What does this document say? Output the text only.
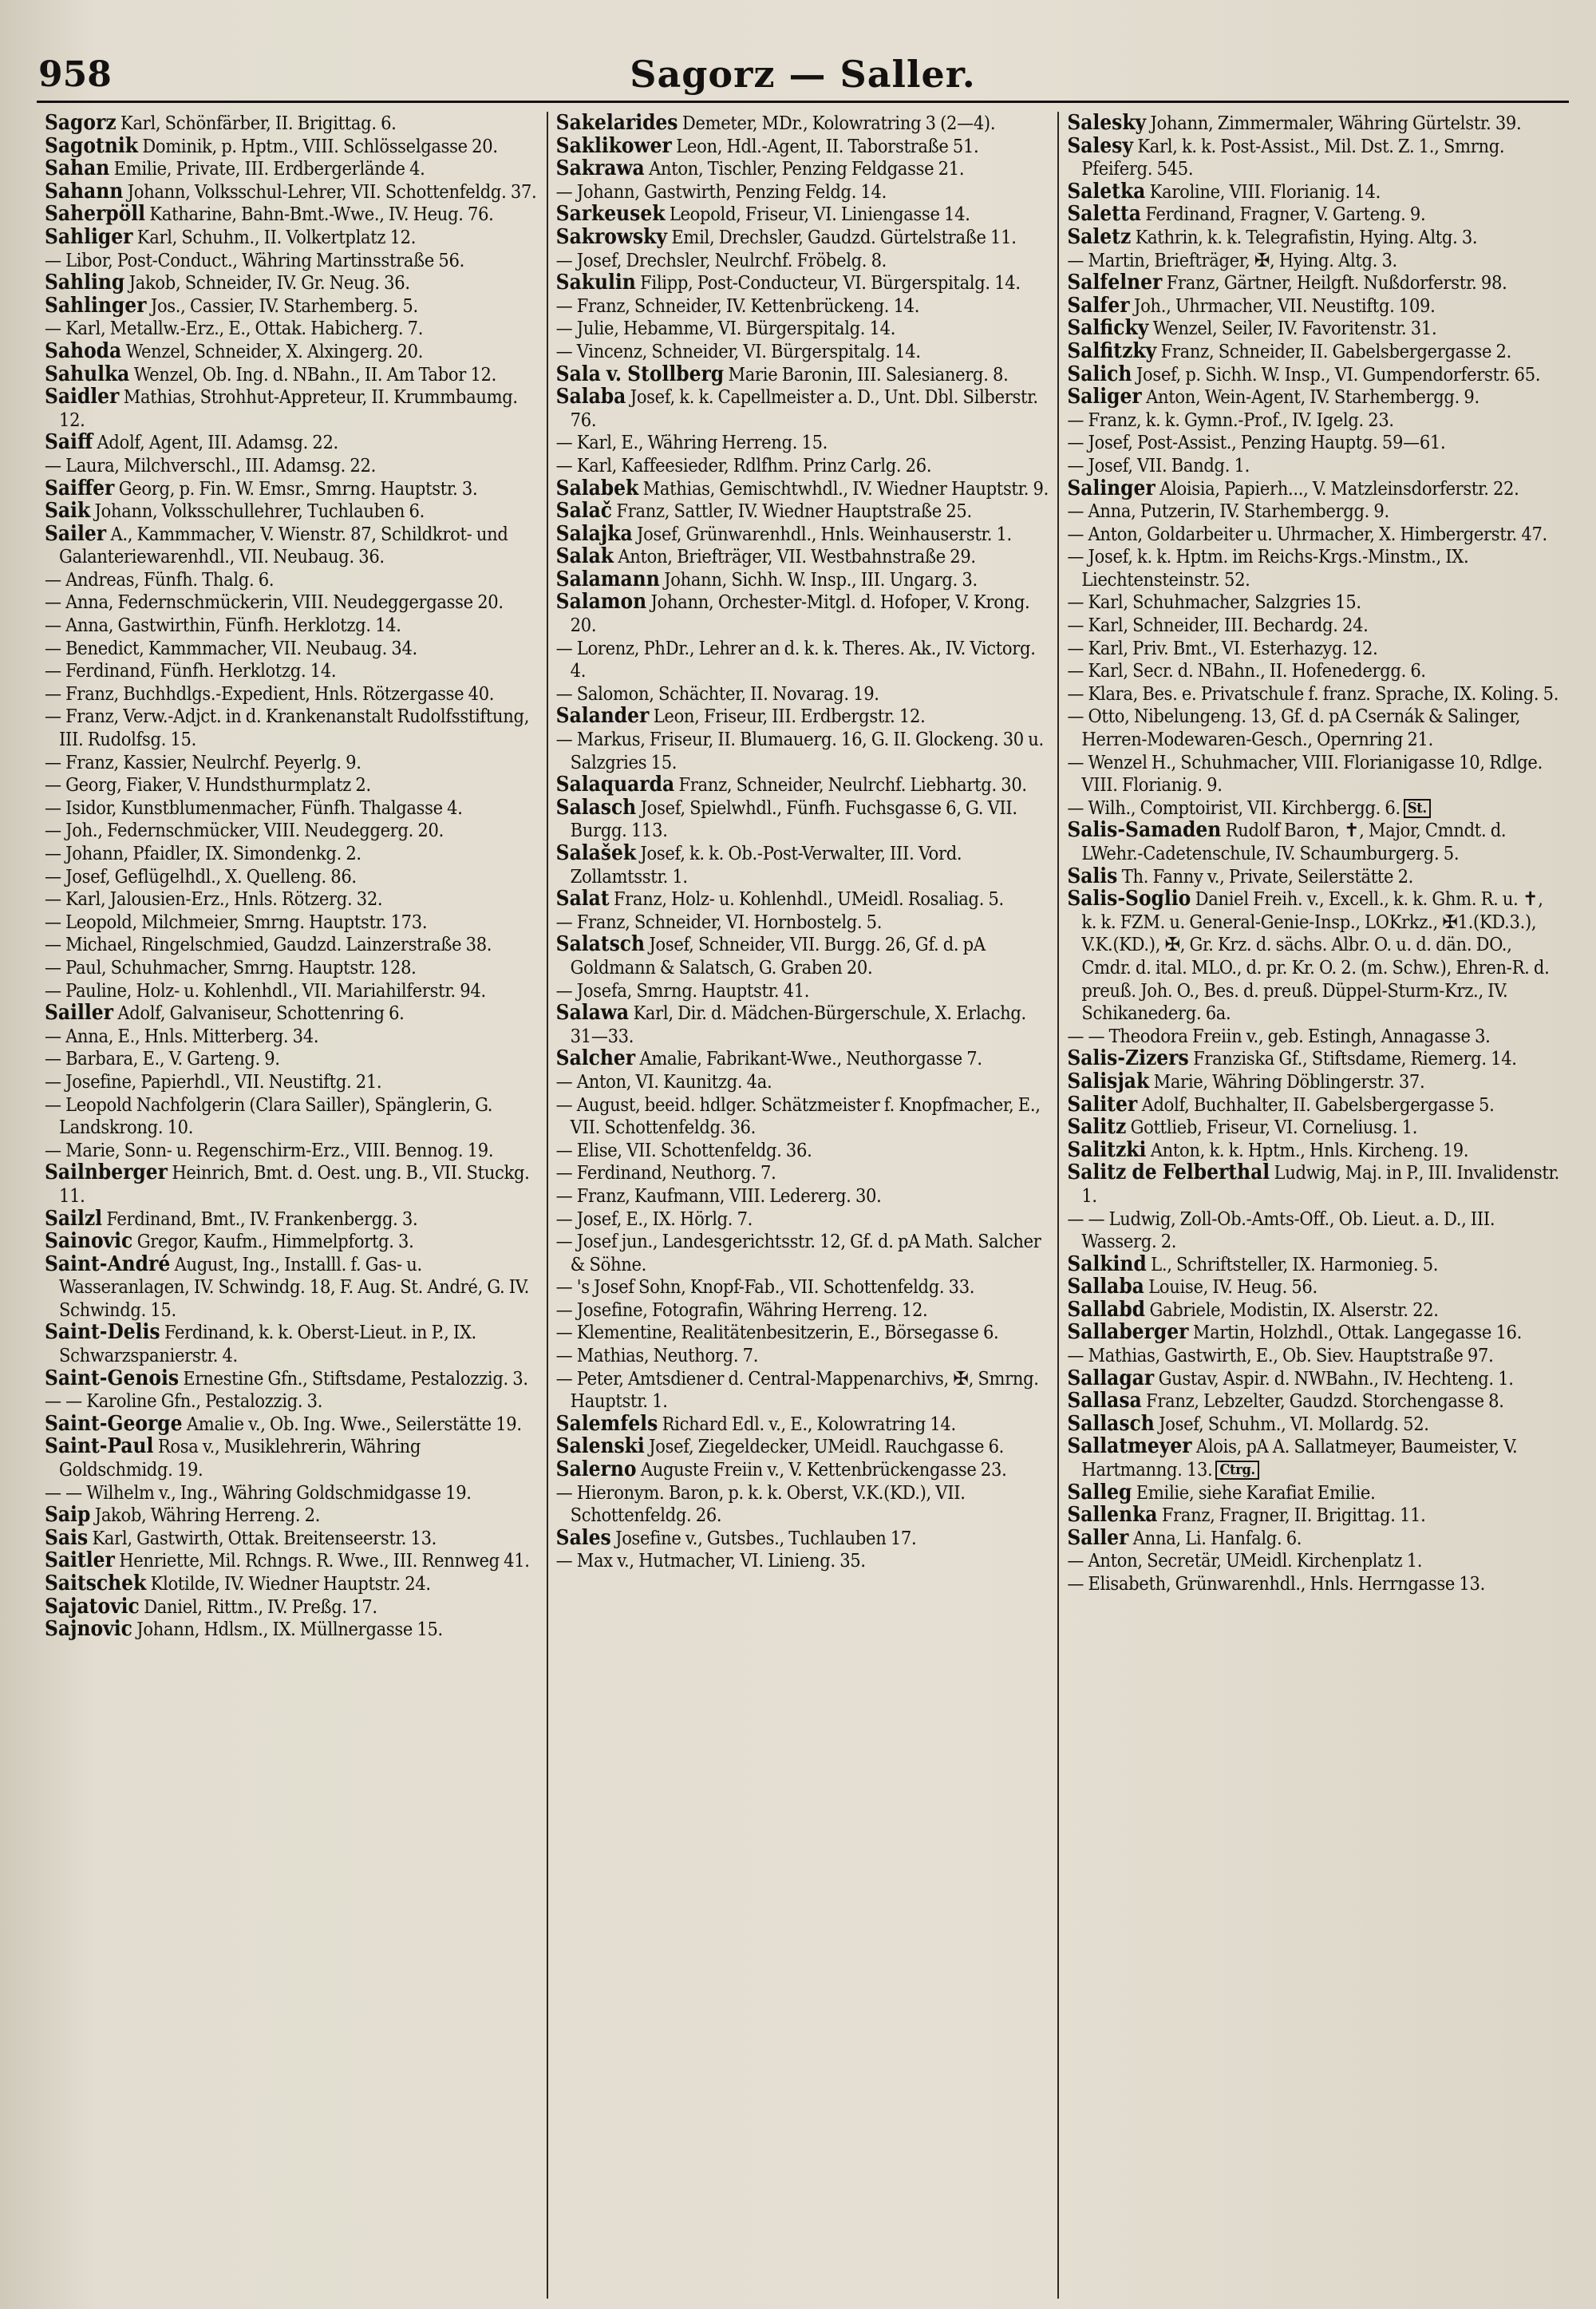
958	Sagorz — Saller.
Sagorz Karl, Schönfärber, II. Brigittag. 6.
Sagotnik Dominik, p. Hptm., VIII. Schlösselgasse 20.
Sahan Emilie, Private, III. Erdbergerlände 4.
Sahann Johann, Volksschul-Lehrer, VII. Schottenfeldg. 37.
Saherpöll Katharine, Bahn-Bmt.-Wwe., IV. Heug. 76.
Sahliger Karl, Schuhm., II. Volkertplatz 12.
— Libor, Post-Conduct., Währing Martinsstraße 56.
Sahling Jakob, Schneider, IV. Gr. Neug. 36.
Sahlinger Jos., Cassier, IV. Starhemberg. 5.
— Karl, Metallw.-Erz., E., Ottak. Habicherg. 7.
Sahoda Wenzel, Schneider, X. Alxingerg. 20.
Sahulka Wenzel, Ob. Ing. d. NBahn., II. Am Tabor 12.
Saidler Mathias, Strohhut-Appreteur, II. Krummbaumg. 12.
Saiff Adolf, Agent, III. Adamsg. 22.
— Laura, Milchverschl., III. Adamsg. 22.
Saiffer Georg, p. Fin. W. Emsr., Smrng. Hauptstr. 3.
Saik Johann, Volksschullehrer, Tuchlauben 6.
Sailer A., Kammmacher, V. Wienstr. 87, Schildkrot- und Galanteriewarenhdl., VII. Neubaug. 36.
— Andreas, Fünfh. Thalg. 6.
— Anna, Federnschmückerin, VIII. Neudeggergasse 20.
— Anna, Gastwirthin, Fünfh. Herklotzg. 14.
— Benedict, Kammmacher, VII. Neubaug. 34.
— Ferdinand, Fünfh. Herklotzg. 14.
— Franz, Buchhdlgs.-Expedient, Hnls. Rötzergasse 40.
— Franz, Verw.-Adjct. in d. Krankenanstalt Rudolfsstiftung, III. Rudolfsg. 15.
— Franz, Kassier, Neulrchf. Peyerlg. 9.
— Georg, Fiaker, V. Hundsthurmplatz 2.
— Isidor, Kunstblumenmacher, Fünfh. Thalgasse 4.
— Joh., Federnschmücker, VIII. Neudeggerg. 20.
— Johann, Pfaidler, IX. Simondenkg. 2.
— Josef, Geflügelhdl., X. Quelleng. 86.
— Karl, Jalousien-Erz., Hnls. Rötzerg. 32.
— Leopold, Milchmeier, Smrng. Hauptstr. 173.
— Michael, Ringelschmied, Gaudzd. Lainzerstraße 38.
— Paul, Schuhmacher, Smrng. Hauptstr. 128.
— Pauline, Holz- u. Kohlenhdl., VII. Mariahilferstr. 94.
Sailler Adolf, Galvaniseur, Schottenring 6.
— Anna, E., Hnls. Mitterberg. 34.
— Barbara, E., V. Garteng. 9.
— Josefine, Papierhdl., VII. Neustiftg. 21.
— Leopold Nachfolgerin (Clara Sailler), Spänglerin, G. Landskrong. 10.
— Marie, Sonn- u. Regenschirm-Erz., VIII. Bennog. 19.
Sailnberger Heinrich, Bmt. d. Oest. ung. B., VII. Stuckg. 11.
Sailzl Ferdinand, Bmt., IV. Frankenbergg. 3.
Sainovic Gregor, Kaufm., Himmelpfortg. 3.
Saint-André August, Ing., Installl. f. Gas- u. Wasseranlagen, IV. Schwindg. 18, F. Aug. St. André, G. IV. Schwindg. 15.
Saint-Delis Ferdinand, k. k. Oberst-Lieut. in P., IX. Schwarzspanierstr. 4.
Saint-Genois Ernestine Gfn., Stiftsdame, Pestalozzig. 3.
— — Karoline Gfn., Pestalozzig. 3.
Saint-George Amalie v., Ob. Ing. Wwe., Seilerstätte 19.
Saint-Paul Rosa v., Musiklehrerin, Währing Goldschmidg. 19.
— — Wilhelm v., Ing., Währing Goldschmidgasse 19.
Saip Jakob, Währing Herreng. 2.
Sais Karl, Gastwirth, Ottak. Breitenseerstr. 13.
Saitler Henriette, Mil. Rchngs. R. Wwe., III. Rennweg 41.
Saitschek Klotilde, IV. Wiedner Hauptstr. 24.
Sajatovic Daniel, Rittm., IV. Preßg. 17.
Sajnovic Johann, Hdlsm., IX. Müllnergasse 15.
Sakelarides Demeter, MDr., Kolowratring 3 (2—4).
Saklikower Leon, Hdl.-Agent, II. Taborstraße 51.
Sakrawa Anton, Tischler, Penzing Feldgasse 21.
— Johann, Gastwirth, Penzing Feldg. 14.
Sarkeusek Leopold, Friseur, VI. Liniengasse 14.
Sakrowsky Emil, Drechsler, Gaudzd. Gürtelstraße 11.
— Josef, Drechsler, Neulrchf. Fröbelg. 8.
Sakulin Filipp, Post-Conducteur, VI. Bürgerspitalg. 14.
— Franz, Schneider, IV. Kettenbrückeng. 14.
— Julie, Hebamme, VI. Bürgerspitalg. 14.
— Vincenz, Schneider, VI. Bürgerspitalg. 14.
Sala v. Stollberg Marie Baronin, III. Salesianerg. 8.
Salaba Josef, k. k. Capellmeister a. D., Unt. Dbl. Silberstr. 76.
— Karl, E., Währing Herreng. 15.
— Karl, Kaffeesieder, Rdlfhm. Prinz Carlg. 26.
Salabek Mathias, Gemischtwhdl., IV. Wiedner Hauptstr. 9.
Salač Franz, Sattler, IV. Wiedner Hauptstraße 25.
Salajka Josef, Grünwarenhdl., Hnls. Weinhauserstr. 1.
Salak Anton, Briefträger, VII. Westbahnstraße 29.
Salamann Johann, Sichh. W. Insp., III. Ungarg. 3.
Salamon Johann, Orchester-Mitgl. d. Hofoper, V. Krong. 20.
— Lorenz, PhDr., Lehrer an d. k. k. Theres. Ak., IV. Victorg. 4.
— Salomon, Schächter, II. Novarag. 19.
Salander Leon, Friseur, III. Erdbergstr. 12.
— Markus, Friseur, II. Blumauerg. 16, G. II. Glockeng. 30 u. Salzgries 15.
Salaquarda Franz, Schneider, Neulrchf. Liebhartg. 30.
Salasch Josef, Spielwhdl., Fünfh. Fuchsgasse 6, G. VII. Burgg. 113.
Salašek Josef, k. k. Ob.-Post-Verwalter, III. Vord. Zollamtsstr. 1.
Salat Franz, Holz- u. Kohlenhdl., UMeidl. Rosaliag. 5.
— Franz, Schneider, VI. Hornbostelg. 5.
Salatsch Josef, Schneider, VII. Burgg. 26, Gf. d. pA Goldmann & Salatsch, G. Graben 20.
— Josefa, Smrng. Hauptstr. 41.
Salawa Karl, Dir. d. Mädchen-Bürgerschule, X. Erlachg. 31—33.
Salcher Amalie, Fabrikant-Wwe., Neuthorgasse 7.
— Anton, VI. Kaunitzg. 4a.
— August, beeid. hdlger. Schätzmeister f. Knopfmacher, E., VII. Schottenfeldg. 36.
— Elise, VII. Schottenfeldg. 36.
— Ferdinand, Neuthorg. 7.
— Franz, Kaufmann, VIII. Ledererg. 30.
— Josef, E., IX. Hörlg. 7.
— Josef jun., Landesgerichtsstr. 12, Gf. d. pA Math. Salcher & Söhne.
— 's Josef Sohn, Knopf-Fab., VII. Schottenfeldg. 33.
— Josefine, Fotografin, Währing Herreng. 12.
— Klementine, Realitätenbesitzerin, E., Börsegasse 6.
— Mathias, Neuthorg. 7.
— Peter, Amtsdiener d. Central-Mappenarchivs, ✠, Smrng. Hauptstr. 1.
Salemfels Richard Edl. v., E., Kolowratring 14.
Salenski Josef, Ziegeldecker, UMeidl. Rauchgasse 6.
Salerno Auguste Freiin v., V. Kettenbrückengasse 23.
— Hieronym. Baron, p. k. k. Oberst, V.K.(KD.), VII. Schottenfeldg. 26.
Sales Josefine v., Gutsbes., Tuchlauben 17.
— Max v., Hutmacher, VI. Linieng. 35.
Salesky Johann, Zimmermaler, Währing Gürtelstr. 39.
Salesy Karl, k. k. Post-Assist., Mil. Dst. Z. 1., Smrng. Pfeiferg. 545.
Saletka Karoline, VIII. Florianig. 14.
Saletta Ferdinand, Fragner, V. Garteng. 9.
Saletz Kathrin, k. k. Telegrafistin, Hying. Altg. 3.
— Martin, Briefträger, ✠, Hying. Altg. 3.
Salfelner Franz, Gärtner, Heilgft. Nußdorferstr. 98.
Salfer Joh., Uhrmacher, VII. Neustiftg. 109.
Salficky Wenzel, Seiler, IV. Favoritenstr. 31.
Salfitzky Franz, Schneider, II. Gabelsbergergasse 2.
Salich Josef, p. Sichh. W. Insp., VI. Gumpendorferstr. 65.
Saliger Anton, Wein-Agent, IV. Starhembergg. 9.
— Franz, k. k. Gymn.-Prof., IV. Igelg. 23.
— Josef, Post-Assist., Penzing Hauptg. 59—61.
— Josef, VII. Bandg. 1.
Salinger Aloisia, Papierh..., V. Matzleinsdorferstr. 22.
— Anna, Putzerin, IV. Starhembergg. 9.
— Anton, Goldarbeiter u. Uhrmacher, X. Himbergerstr. 47.
— Josef, k. k. Hptm. im Reichs-Krgs.-Minstm., IX. Liechtensteinstr. 52.
— Karl, Schuhmacher, Salzgries 15.
— Karl, Schneider, III. Bechardg. 24.
— Karl, Priv. Bmt., VI. Esterhazyg. 12.
— Karl, Secr. d. NBahn., II. Hofenedergg. 6.
— Klara, Bes. e. Privatschule f. franz. Sprache, IX. Koling. 5.
— Otto, Nibelungeng. 13, Gf. d. pA Csernák & Salinger, Herren-Modewaren-Gesch., Opernring 21.
— Wenzel H., Schuhmacher, VIII. Florianigasse 10, Rdlge. VIII. Florianig. 9.
— Wilh., Comptoirist, VII. Kirchbergg. 6. St.
Salis-Samaden Rudolf Baron, ✝, Major, Cmndt. d. LWehr.-Cadetenschule, IV. Schaumburgerg. 5.
Salis Th. Fanny v., Private, Seilerstätte 2.
Salis-Soglio Daniel Freih. v., Excell., k. k. Ghm. R. u. ✝, k. k. FZM. u. General-Genie-Insp., LOKrkz., ✠1.(KD.3.), V.K.(KD.), ✠, Gr. Krz. d. sächs. Albr. O. u. d. dän. DO., Cmdr. d. ital. MLO., d. pr. Kr. O. 2. (m. Schw.), Ehren-R. d. preuß. Joh. O., Bes. d. preuß. Düppel-Sturm-Krz., IV. Schikanederg. 6a.
— — Theodora Freiin v., geb. Estingh, Annagasse 3.
Salis-Zizers Franziska Gf., Stiftsdame, Riemerg. 14.
Salisjak Marie, Währing Döblingerstr. 37.
Saliter Adolf, Buchhalter, II. Gabelsbergergasse 5.
Salitz Gottlieb, Friseur, VI. Corneliusg. 1.
Salitzki Anton, k. k. Hptm., Hnls. Kircheng. 19.
Salitz de Felberthal Ludwig, Maj. in P., III. Invalidenstr. 1.
— — Ludwig, Zoll-Ob.-Amts-Off., Ob. Lieut. a. D., III. Wasserg. 2.
Salkind L., Schriftsteller, IX. Harmonieg. 5.
Sallaba Louise, IV. Heug. 56.
Sallabd Gabriele, Modistin, IX. Alserstr. 22.
Sallaberger Martin, Holzhdl., Ottak. Langegasse 16.
— Mathias, Gastwirth, E., Ob. Siev. Hauptstraße 97.
Sallagar Gustav, Aspir. d. NWBahn., IV. Hechteng. 1.
Sallasa Franz, Lebzelter, Gaudzd. Storchengasse 8.
Sallasch Josef, Schuhm., VI. Mollardg. 52.
Sallatmeyer Alois, pA A. Sallatmeyer, Baumeister, V. Hartmanng. 13. Ctrg.
Salleg Emilie, siehe Karafiat Emilie.
Sallenka Franz, Fragner, II. Brigittag. 11.
Saller Anna, Li. Hanfalg. 6.
— Anton, Secretär, UMeidl. Kirchenplatz 1.
— Elisabeth, Grünwarenhdl., Hnls. Herrngasse 13.
